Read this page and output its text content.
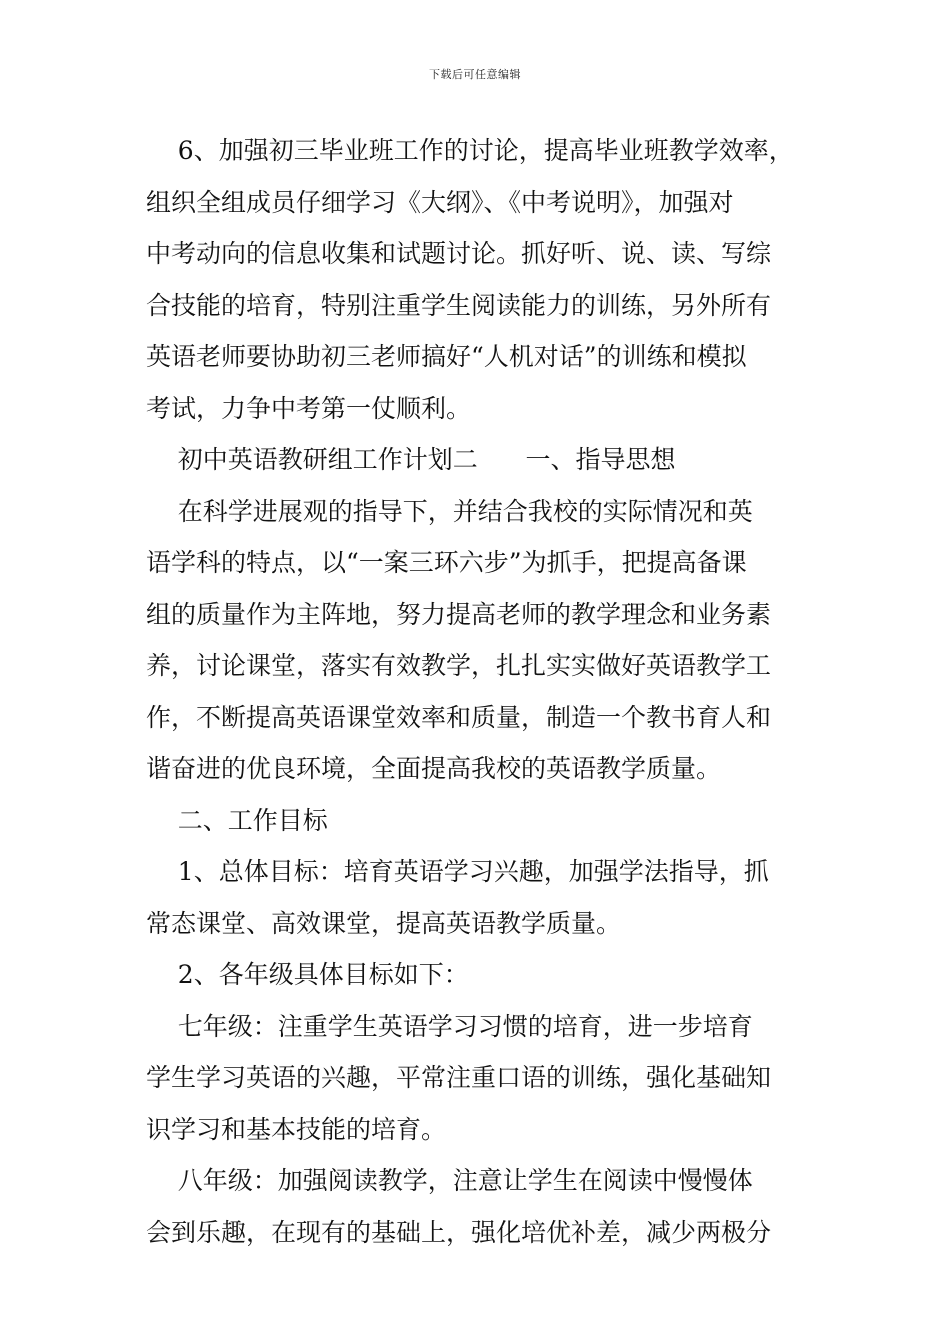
下载后可任意编辑
6、加强初三毕业班工作的讨论，提高毕业班教学效率，
组织全组成员仔细学习《大纲》、《中考说明》，加强对
中考动向的信息收集和试题讨论。抓好听、说、读、写综
合技能的培育，特别注重学生阅读能力的训练，另外所有
英语老师要协助初三老师搞好“人机对话”的训练和模拟
考试，力争中考第一仗顺利。
初中英语教研组工作计划二      一、指导思想
在科学进展观的指导下，并结合我校的实际情况和英
语学科的特点，以“一案三环六步”为抓手，把提高备课
组的质量作为主阵地，努力提高老师的教学理念和业务素
养，讨论课堂，落实有效教学，扎扎实实做好英语教学工
作，不断提高英语课堂效率和质量，制造一个教书育人和
谐奋进的优良环境，全面提高我校的英语教学质量。
二、工作目标
1、总体目标：培育英语学习兴趣，加强学法指导，抓
常态课堂、高效课堂，提高英语教学质量。
2、各年级具体目标如下：
七年级：注重学生英语学习习惯的培育，进一步培育
学生学习英语的兴趣，平常注重口语的训练，强化基础知
识学习和基本技能的培育。
八年级：加强阅读教学，注意让学生在阅读中慢慢体
会到乐趣，在现有的基础上，强化培优补差，减少两极分
